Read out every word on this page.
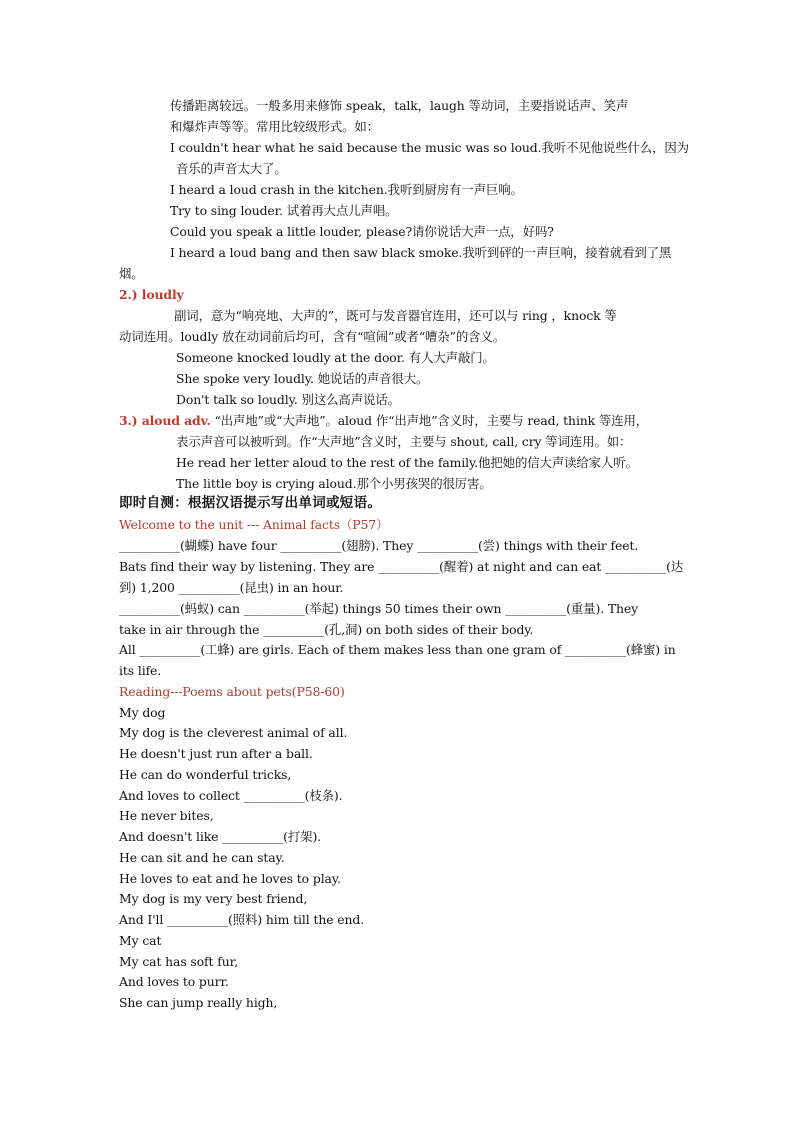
传播距离较远。一般多用来修饰 speak，talk，laugh 等动词，主要指说话声、笑声
和爆炸声等等。常用比较级形式。如：
I couldn't hear what he said because the music was so loud.我听不见他说些什么，因为
音乐的声音太大了。
I heard a loud crash in the kitchen.我听到厨房有一声巨响。
Try to sing louder. 试着再大点儿声唱。
Could you speak a little louder, please?请你说话大声一点，好吗?
I heard a loud bang and then saw black smoke.我听到砰的一声巨响，接着就看到了黑
烟。
2.) loudly
副词，意为“响亮地、大声的”，既可与发音器官连用，还可以与 ring ，knock 等
动词连用。loudly 放在动词前后均可，含有“喧闹”或者“嘈杂”的含义。
Someone knocked loudly at the door. 有人大声敲门。
She spoke very loudly. 她说话的声音很大。
Don't talk so loudly. 别这么高声说话。
3.) aloud adv. “出声地”或“大声地”。aloud 作“出声地”含义时，主要与 read, think 等连用，
表示声音可以被听到。作“大声地”含义时，主要与 shout, call, cry 等词连用。如：
He read her letter aloud to the rest of the family.他把她的信大声读给家人听。
The little boy is crying aloud.那个小男孩哭的很厉害。
即时自测：根据汉语提示写出单词或短语。
Welcome to the unit --- Animal facts（P57）
__________(蝴蝶) have four __________(翅膀). They __________(尝) things with their feet.
Bats find their way by listening. They are __________(醒着) at night and can eat __________(达
到) 1,200 __________(昆虫) in an hour.
__________(蚂蚁) can __________(举起) things 50 times their own __________(重量). They
take in air through the __________(孔,洞) on both sides of their body.
All __________(工蜂) are girls. Each of them makes less than one gram of __________(蜂蜜) in
its life.
Reading---Poems about pets(P58-60)
My dog
My dog is the cleverest animal of all.
He doesn't just run after a ball.
He can do wonderful tricks,
And loves to collect __________(枝条).
He never bites,
And doesn't like __________(打架).
He can sit and he can stay.
He loves to eat and he loves to play.
My dog is my very best friend,
And I'll __________(照料) him till the end.
My cat
My cat has soft fur,
And loves to purr.
She can jump really high,
